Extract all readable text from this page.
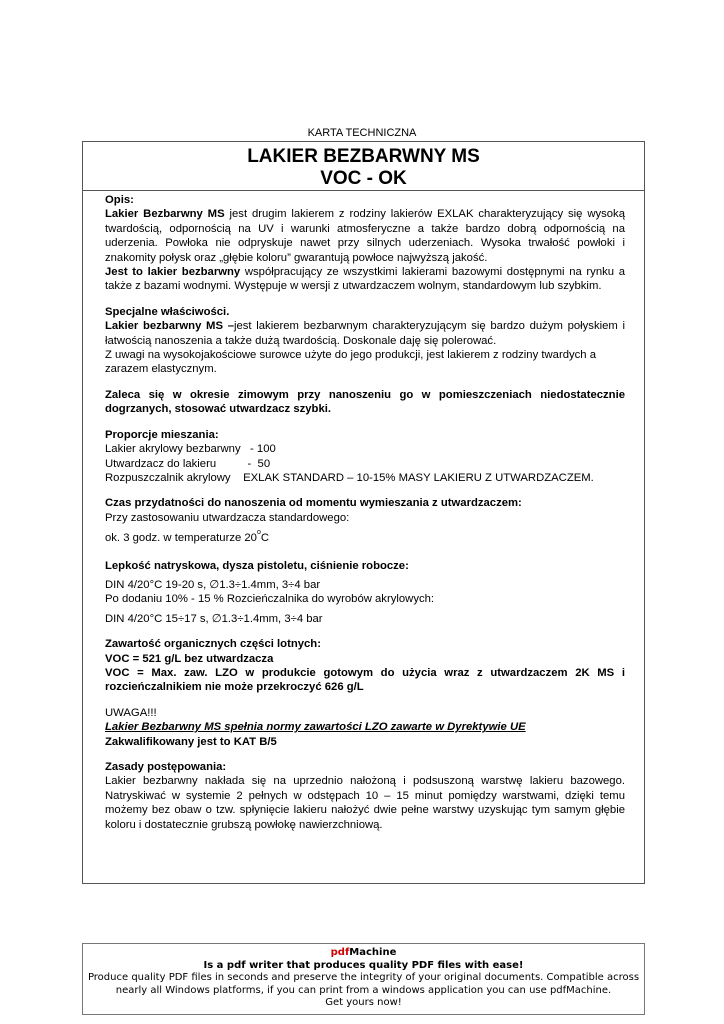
KARTA TECHNICZNA
LAKIER BEZBARWNY MS
VOC - OK

Opis:

Lakier Bezbarwny MS jest drugim lakierem z rodziny lakierów EXLAK charakteryzujący się wysoką twardością, odpornością na UV i warunki atmosferyczne a także bardzo dobrą odpornością na uderzenia. Powłoka nie odpryskuje nawet przy silnych uderzeniach. Wysoka trwałość powłoki i znakomity połysk oraz „głębie koloru” gwarantują powłoce najwyższą jakość.

Jest to lakier bezbarwny współpracujący ze wszystkimi lakierami bazowymi dostępnymi na rynku a także z bazami wodnymi. Występuje w wersji z utwardzaczem wolnym, standardowym lub szybkim.

Specjalne właściwości.

Lakier bezbarwny MS –jest lakierem bezbarwnym charakteryzującym się bardzo dużym połyskiem i łatwością nanoszenia a także dużą twardością. Doskonale daję się polerować.

Z uwagi na wysokojakościowe surowce użyte do jego produkcji, jest lakierem z rodziny twardych a zarazem elastycznym.

Zaleca się w okresie zimowym przy nanoszeniu go w pomieszczeniach niedostatecznie dogrzanych, stosować utwardzacz szybki.

Proporcje mieszania:

Lakier akrylowy bezbarwny   - 100

Utwardzacz do lakieru          -  50

Rozpuszczalnik akrylowy    EXLAK STANDARD – 10-15% MASY LAKIERU Z UTWARDZACZEM.

Czas przydatności do nanoszenia od momentu wymieszania z utwardzaczem:

Przy zastosowaniu utwardzacza standardowego:

ok. 3 godz. w temperaturze 20$^o$C

Lepkość natryskowa, dysza pistoletu, ciśnienie robocze:

DIN 4/20°C 19-20 s, ∅1.3÷1.4mm, 3÷4 bar

Po dodaniu 10% - 15 % Rozcieńczalnika do wyrobów akrylowych:

DIN 4/20°C 15÷17 s, ∅1.3÷1.4mm, 3÷4 bar

Zawartość organicznych części lotnych:

VOC = 521 g/L bez utwardzacza

VOC = Max. zaw. LZO w produkcie gotowym do użycia wraz z utwardzaczem 2K MS i rozcieńczalnikiem nie może przekroczyć 626 g/L

UWAGA!!!

Lakier Bezbarwny MS spełnia normy zawartości LZO zawarte w Dyrektywie UE

Zakwalifikowany jest to KAT B/5

Zasady postępowania:

Lakier bezbarwny nakłada się na uprzednio nałożoną i podsuszoną warstwę lakieru bazowego. Natryskiwać w systemie 2 pełnych w odstępach 10 – 15 minut pomiędzy warstwami, dzięki temu możemy bez obaw o tzw. spłynięcie lakieru nałożyć dwie pełne warstwy uzyskując tym samym głębie koloru i dostatecznie grubszą powłokę nawierzchniową.

pdfMachine
Is a pdf writer that produces quality PDF files with ease!
Produce quality PDF files in seconds and preserve the integrity of your original documents. Compatible across
nearly all Windows platforms, if you can print from a windows application you can use pdfMachine.
Get yours now!
